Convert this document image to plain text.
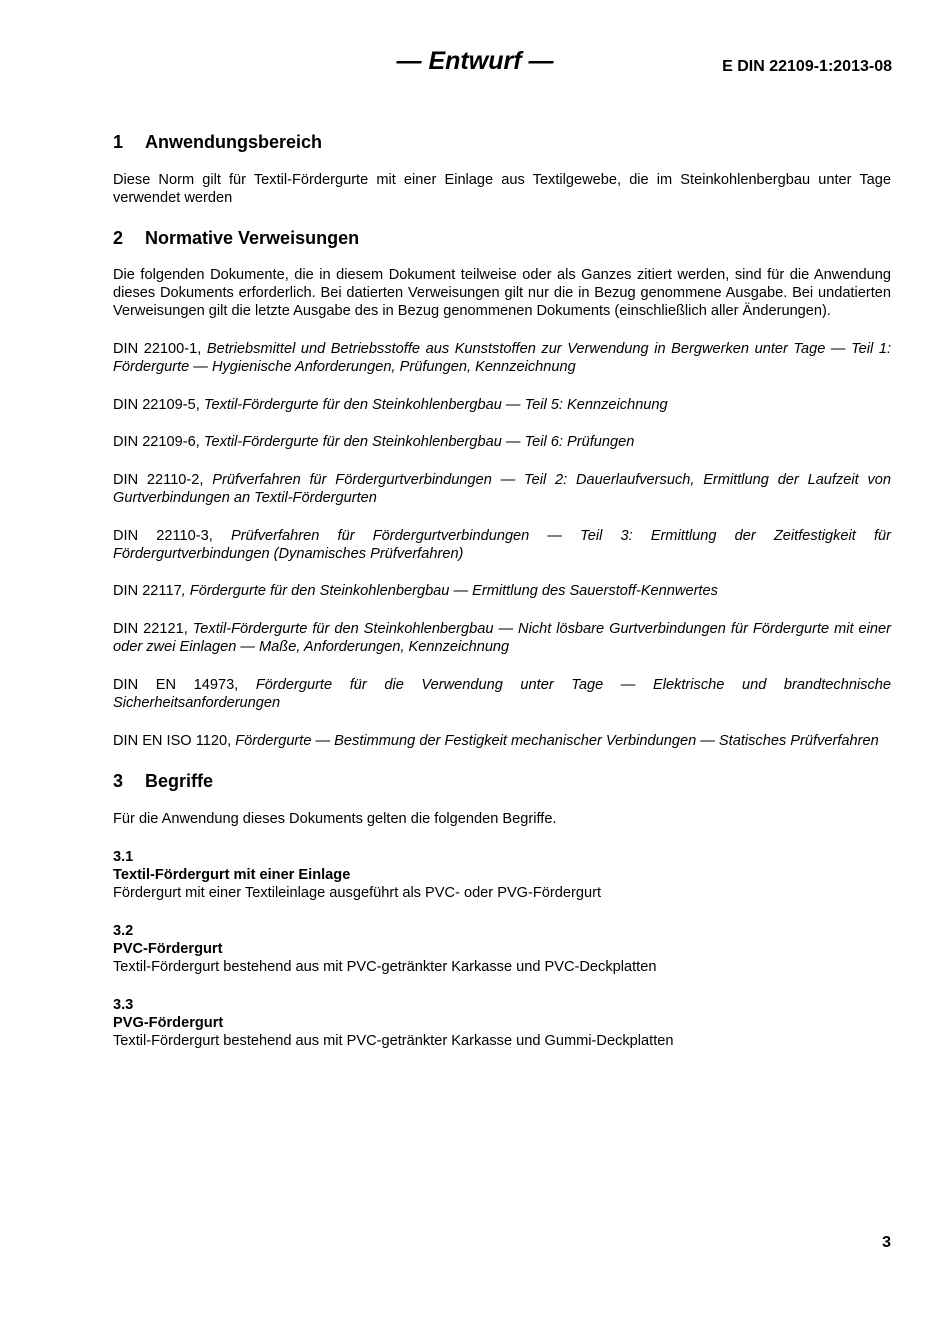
— Entwurf —	E DIN 22109-1:2013-08
1	Anwendungsbereich

Diese Norm gilt für Textil-Fördergurte mit einer Einlage aus Textilgewebe, die im Steinkohlenbergbau unter Tage verwendet werden

2	Normative Verweisungen

Die folgenden Dokumente, die in diesem Dokument teilweise oder als Ganzes zitiert werden, sind für die Anwendung dieses Dokuments erforderlich. Bei datierten Verweisungen gilt nur die in Bezug genommene Ausgabe. Bei undatierten Verweisungen gilt die letzte Ausgabe des in Bezug genommenen Dokuments (einschließlich aller Änderungen).

DIN 22100-1, Betriebsmittel und Betriebsstoffe aus Kunststoffen zur Verwendung in Bergwerken unter Tage — Teil 1: Fördergurte — Hygienische Anforderungen, Prüfungen, Kennzeichnung

DIN 22109-5, Textil-Fördergurte für den Steinkohlenbergbau — Teil 5: Kennzeichnung

DIN 22109-6, Textil-Fördergurte für den Steinkohlenbergbau — Teil 6: Prüfungen

DIN 22110-2, Prüfverfahren für Fördergurtverbindungen — Teil 2: Dauerlaufversuch, Ermittlung der Laufzeit von Gurtverbindungen an Textil-Fördergurten

DIN 22110-3, Prüfverfahren für Fördergurtverbindungen — Teil 3: Ermittlung der Zeitfestigkeit für Fördergurtverbindungen (Dynamisches Prüfverfahren)

DIN 22117, Fördergurte für den Steinkohlenbergbau — Ermittlung des Sauerstoff-Kennwertes

DIN 22121, Textil-Fördergurte für den Steinkohlenbergbau — Nicht lösbare Gurtverbindungen für Fördergurte mit einer oder zwei Einlagen — Maße, Anforderungen, Kennzeichnung

DIN EN 14973, Fördergurte für die Verwendung unter Tage — Elektrische und brandtechnische Sicherheitsanforderungen

DIN EN ISO 1120, Fördergurte — Bestimmung der Festigkeit mechanischer Verbindungen — Statisches Prüfverfahren

3	Begriffe

Für die Anwendung dieses Dokuments gelten die folgenden Begriffe.

3.1

Textil-Fördergurt mit einer Einlage

Fördergurt mit einer Textileinlage ausgeführt als PVC- oder PVG-Fördergurt

3.2

PVC-Fördergurt

Textil-Fördergurt bestehend aus mit PVC-getränkter Karkasse und PVC-Deckplatten

3.3

PVG-Fördergurt

Textil-Fördergurt bestehend aus mit PVC-getränkter Karkasse und Gummi-Deckplatten

3
